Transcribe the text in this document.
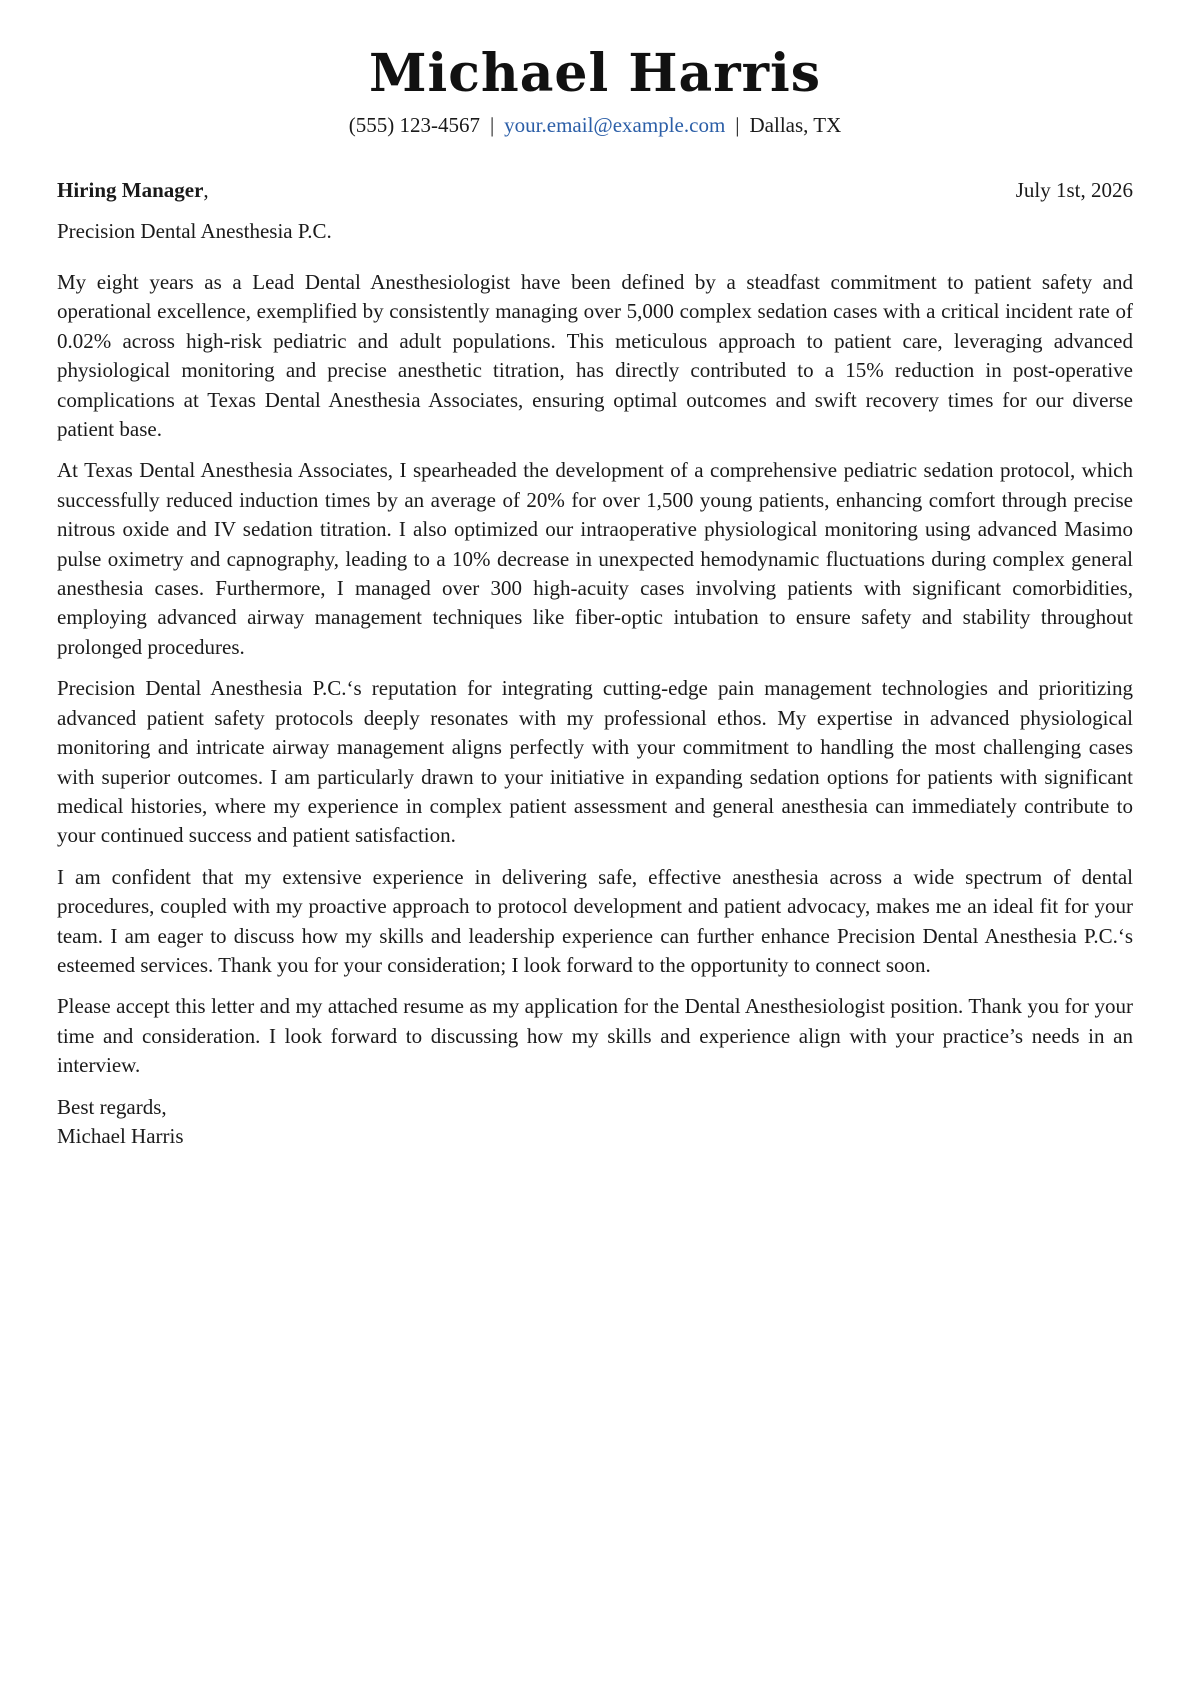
Michael Harris
(555) 123-4567 | your.email@example.com | Dallas, TX
Hiring Manager,	July 1st, 2026
Precision Dental Anesthesia P.C.

My eight years as a Lead Dental Anesthesiologist have been defined by a steadfast commitment to patient safety and operational excellence, exemplified by consistently managing over 5,000 complex sedation cases with a critical incident rate of 0.02% across high-risk pediatric and adult populations. This meticulous approach to patient care, leveraging advanced physiological monitoring and precise anesthetic titration, has directly contributed to a 15% reduction in post-operative complications at Texas Dental Anesthesia Associates, ensuring optimal outcomes and swift recovery times for our diverse patient base.

At Texas Dental Anesthesia Associates, I spearheaded the development of a comprehensive pediatric sedation protocol, which successfully reduced induction times by an average of 20% for over 1,500 young patients, enhancing comfort through precise nitrous oxide and IV sedation titration. I also optimized our intraoperative physiological monitoring using advanced Masimo pulse oximetry and capnography, leading to a 10% decrease in unexpected hemodynamic fluctuations during complex general anesthesia cases. Furthermore, I managed over 300 high-acuity cases involving patients with significant comorbidities, employing advanced airway management techniques like fiber-optic intubation to ensure safety and stability throughout prolonged procedures.

Precision Dental Anesthesia P.C.‘s reputation for integrating cutting-edge pain management technologies and prioritizing advanced patient safety protocols deeply resonates with my professional ethos. My expertise in advanced physiological monitoring and intricate airway management aligns perfectly with your commitment to handling the most challenging cases with superior outcomes. I am particularly drawn to your initiative in expanding sedation options for patients with significant medical histories, where my experience in complex patient assessment and general anesthesia can immediately contribute to your continued success and patient satisfaction.

I am confident that my extensive experience in delivering safe, effective anesthesia across a wide spectrum of dental procedures, coupled with my proactive approach to protocol development and patient advocacy, makes me an ideal fit for your team. I am eager to discuss how my skills and leadership experience can further enhance Precision Dental Anesthesia P.C.‘s esteemed services. Thank you for your consideration; I look forward to the opportunity to connect soon.

Please accept this letter and my attached resume as my application for the Dental Anesthesiologist position. Thank you for your time and consideration. I look forward to discussing how my skills and experience align with your practice’s needs in an interview.

Best regards,
Michael Harris
